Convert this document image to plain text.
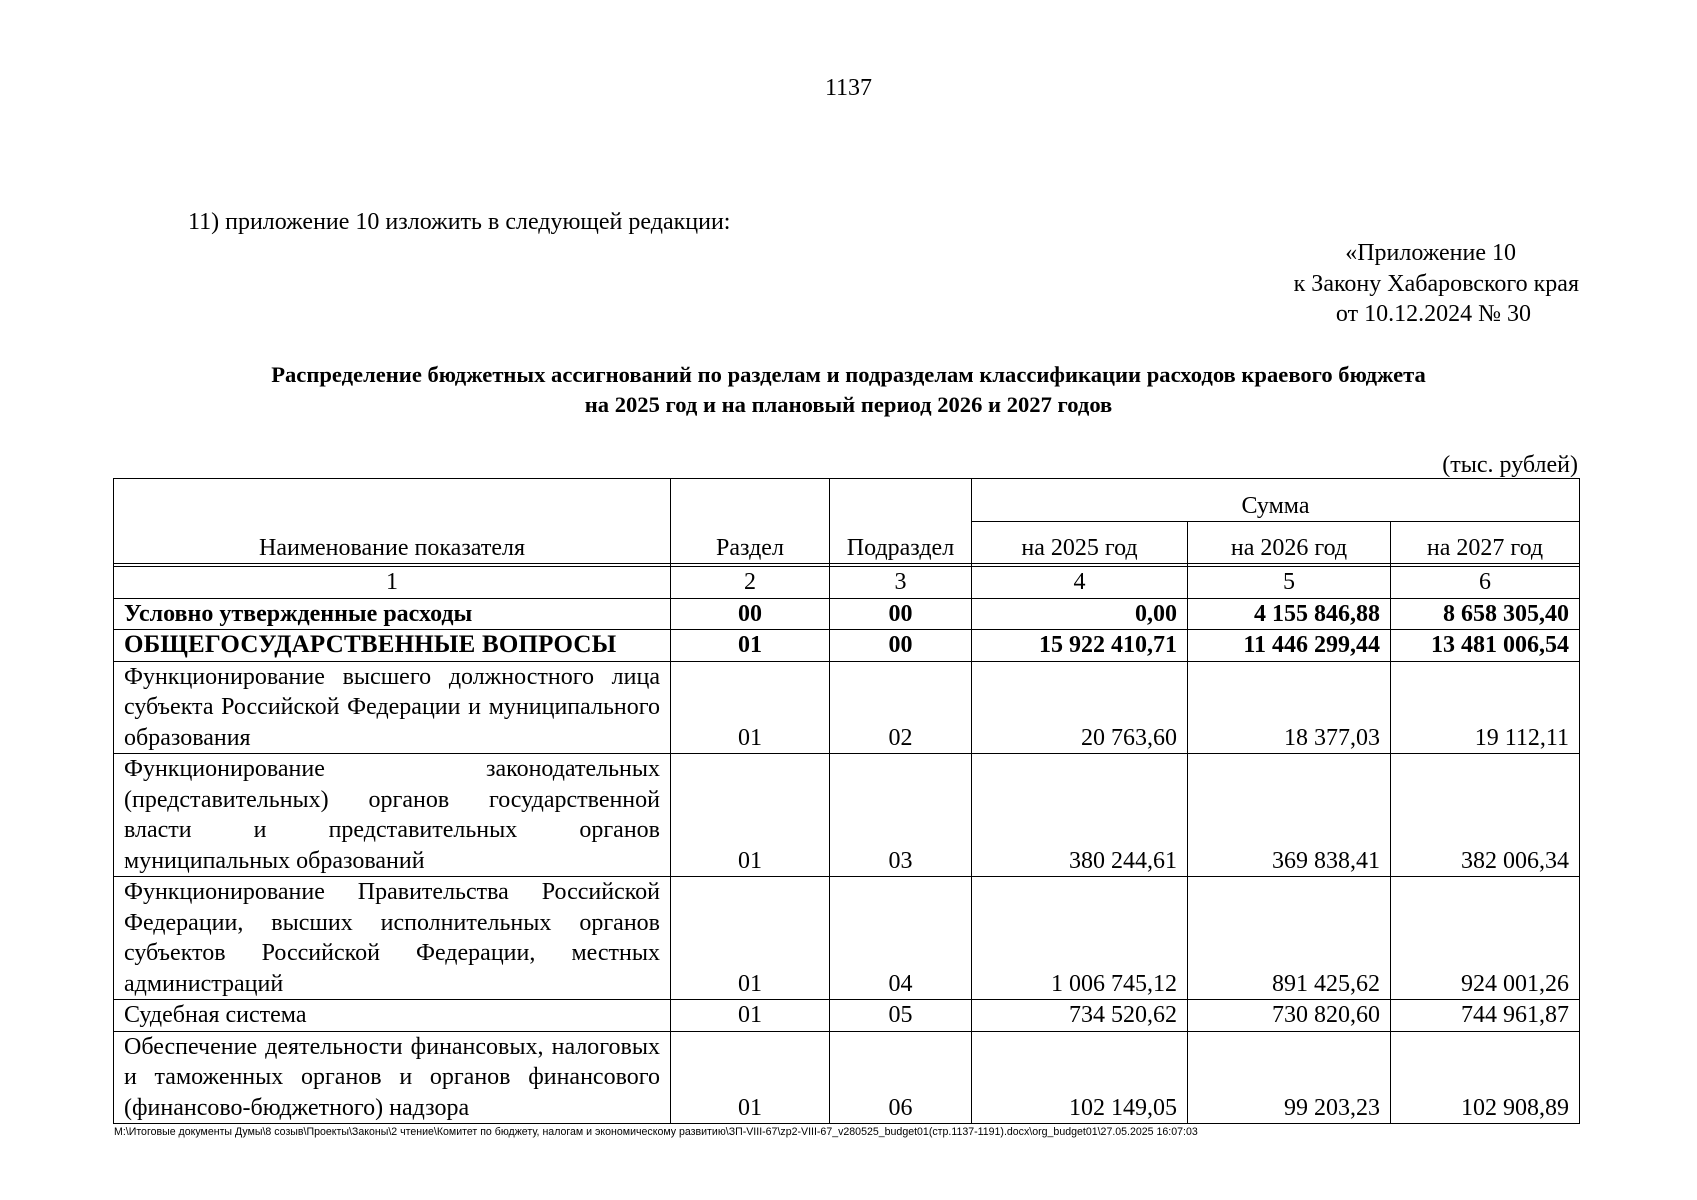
1137
11) приложение 10 изложить в следующей редакции:
«Приложение 10
к Закону Хабаровского края
от 10.12.2024 № 30
Распределение бюджетных ассигнований по разделам и подразделам классификации расходов краевого бюджета
на 2025 год и на плановый период 2026 и 2027 годов
(тыс. рублей)
Наименование показателя	Раздел	Подраздел	Сумма		
			на 2025 год	на 2026 год	на 2027 год

1	2	3	4	5	6
Условно утвержденные расходы	00	00	0,00	4 155 846,88	8 658 305,40
ОБЩЕГОСУДАРСТВЕННЫЕ ВОПРОСЫ	01	00	15 922 410,71	11 446 299,44	13 481 006,54
Функционирование высшего должностного лица субъекта Российской Федерации и муниципального образования	01	02	20 763,60	18 377,03	19 112,11
Функционирование законодательных (представительных) органов государственной власти и представительных органов муниципальных образований	01	03	380 244,61	369 838,41	382 006,34
Функционирование Правительства Российской Федерации, высших исполнительных органов субъектов Российской Федерации, местных администраций	01	04	1 006 745,12	891 425,62	924 001,26
Судебная система	01	05	734 520,62	730 820,60	744 961,87
Обеспечение деятельности финансовых, налоговых и таможенных органов и органов финансового (финансово-бюджетного) надзора	01	06	102 149,05	99 203,23	102 908,89
M:\Итоговые документы Думы\8 созыв\Проекты\Законы\2 чтение\Комитет по бюджету, налогам и экономическому развитию\ЗП-VIII-67\zp2-VIII-67_v280525_budget01(стр.1137-1191).docx\org_budget01\27.05.2025 16:07:03
